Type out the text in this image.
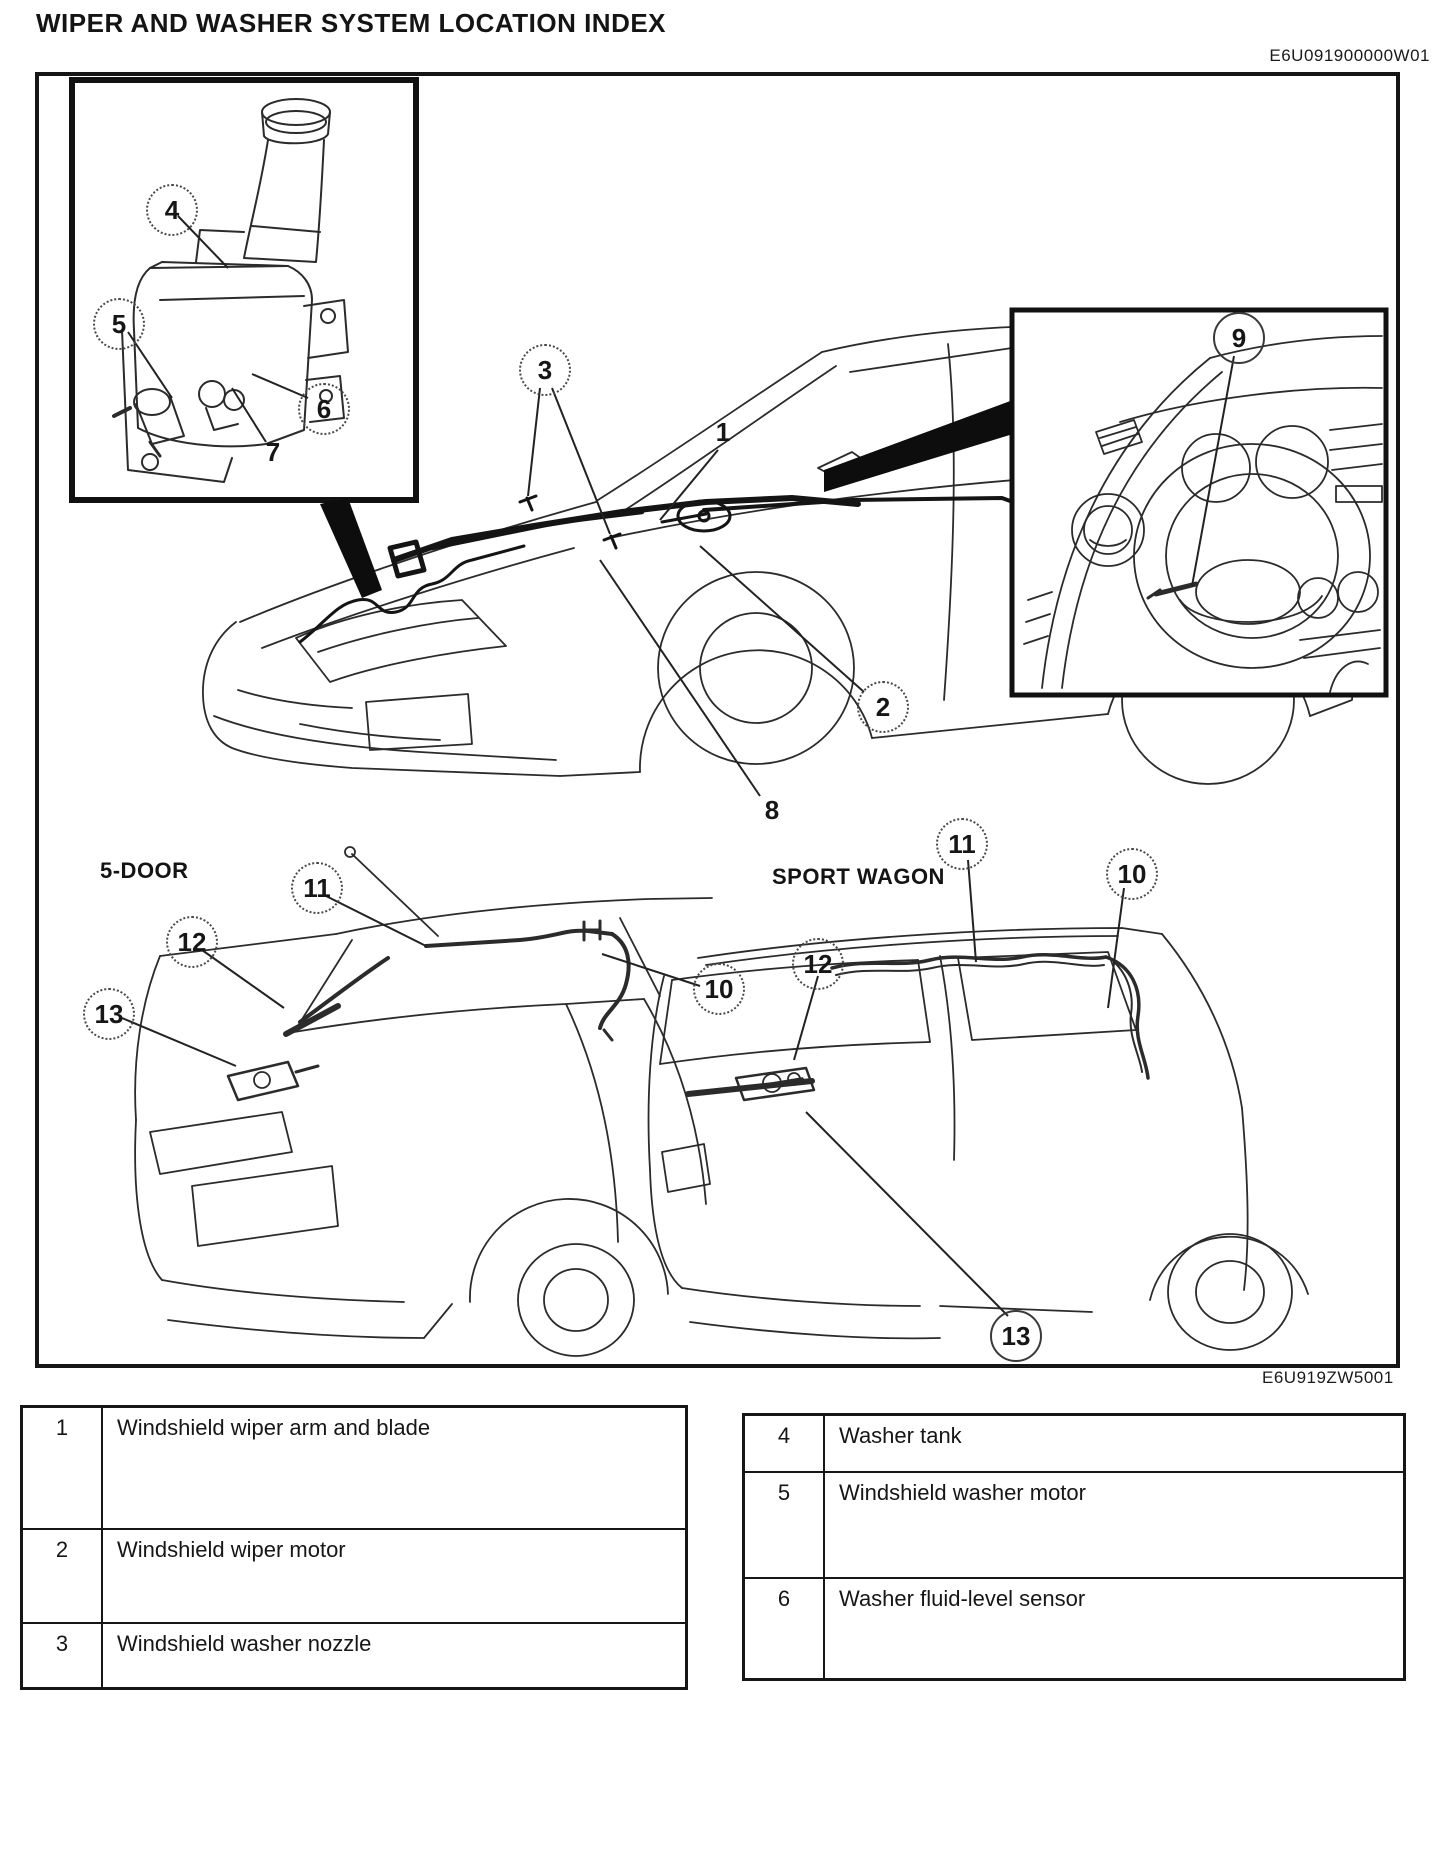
WIPER AND WASHER SYSTEM LOCATION INDEX
E6U091900000W01
E6U919ZW5001
5-DOOR	SPORT WAGON
4
5
6
7
3
1
2
8
9
11
12
13
10
11
10
12
13
1	Windshield wiper arm and blade
2	Windshield wiper motor
3	Windshield washer nozzle
4	Washer tank
5	Windshield washer motor
6	Washer fluid-level sensor
